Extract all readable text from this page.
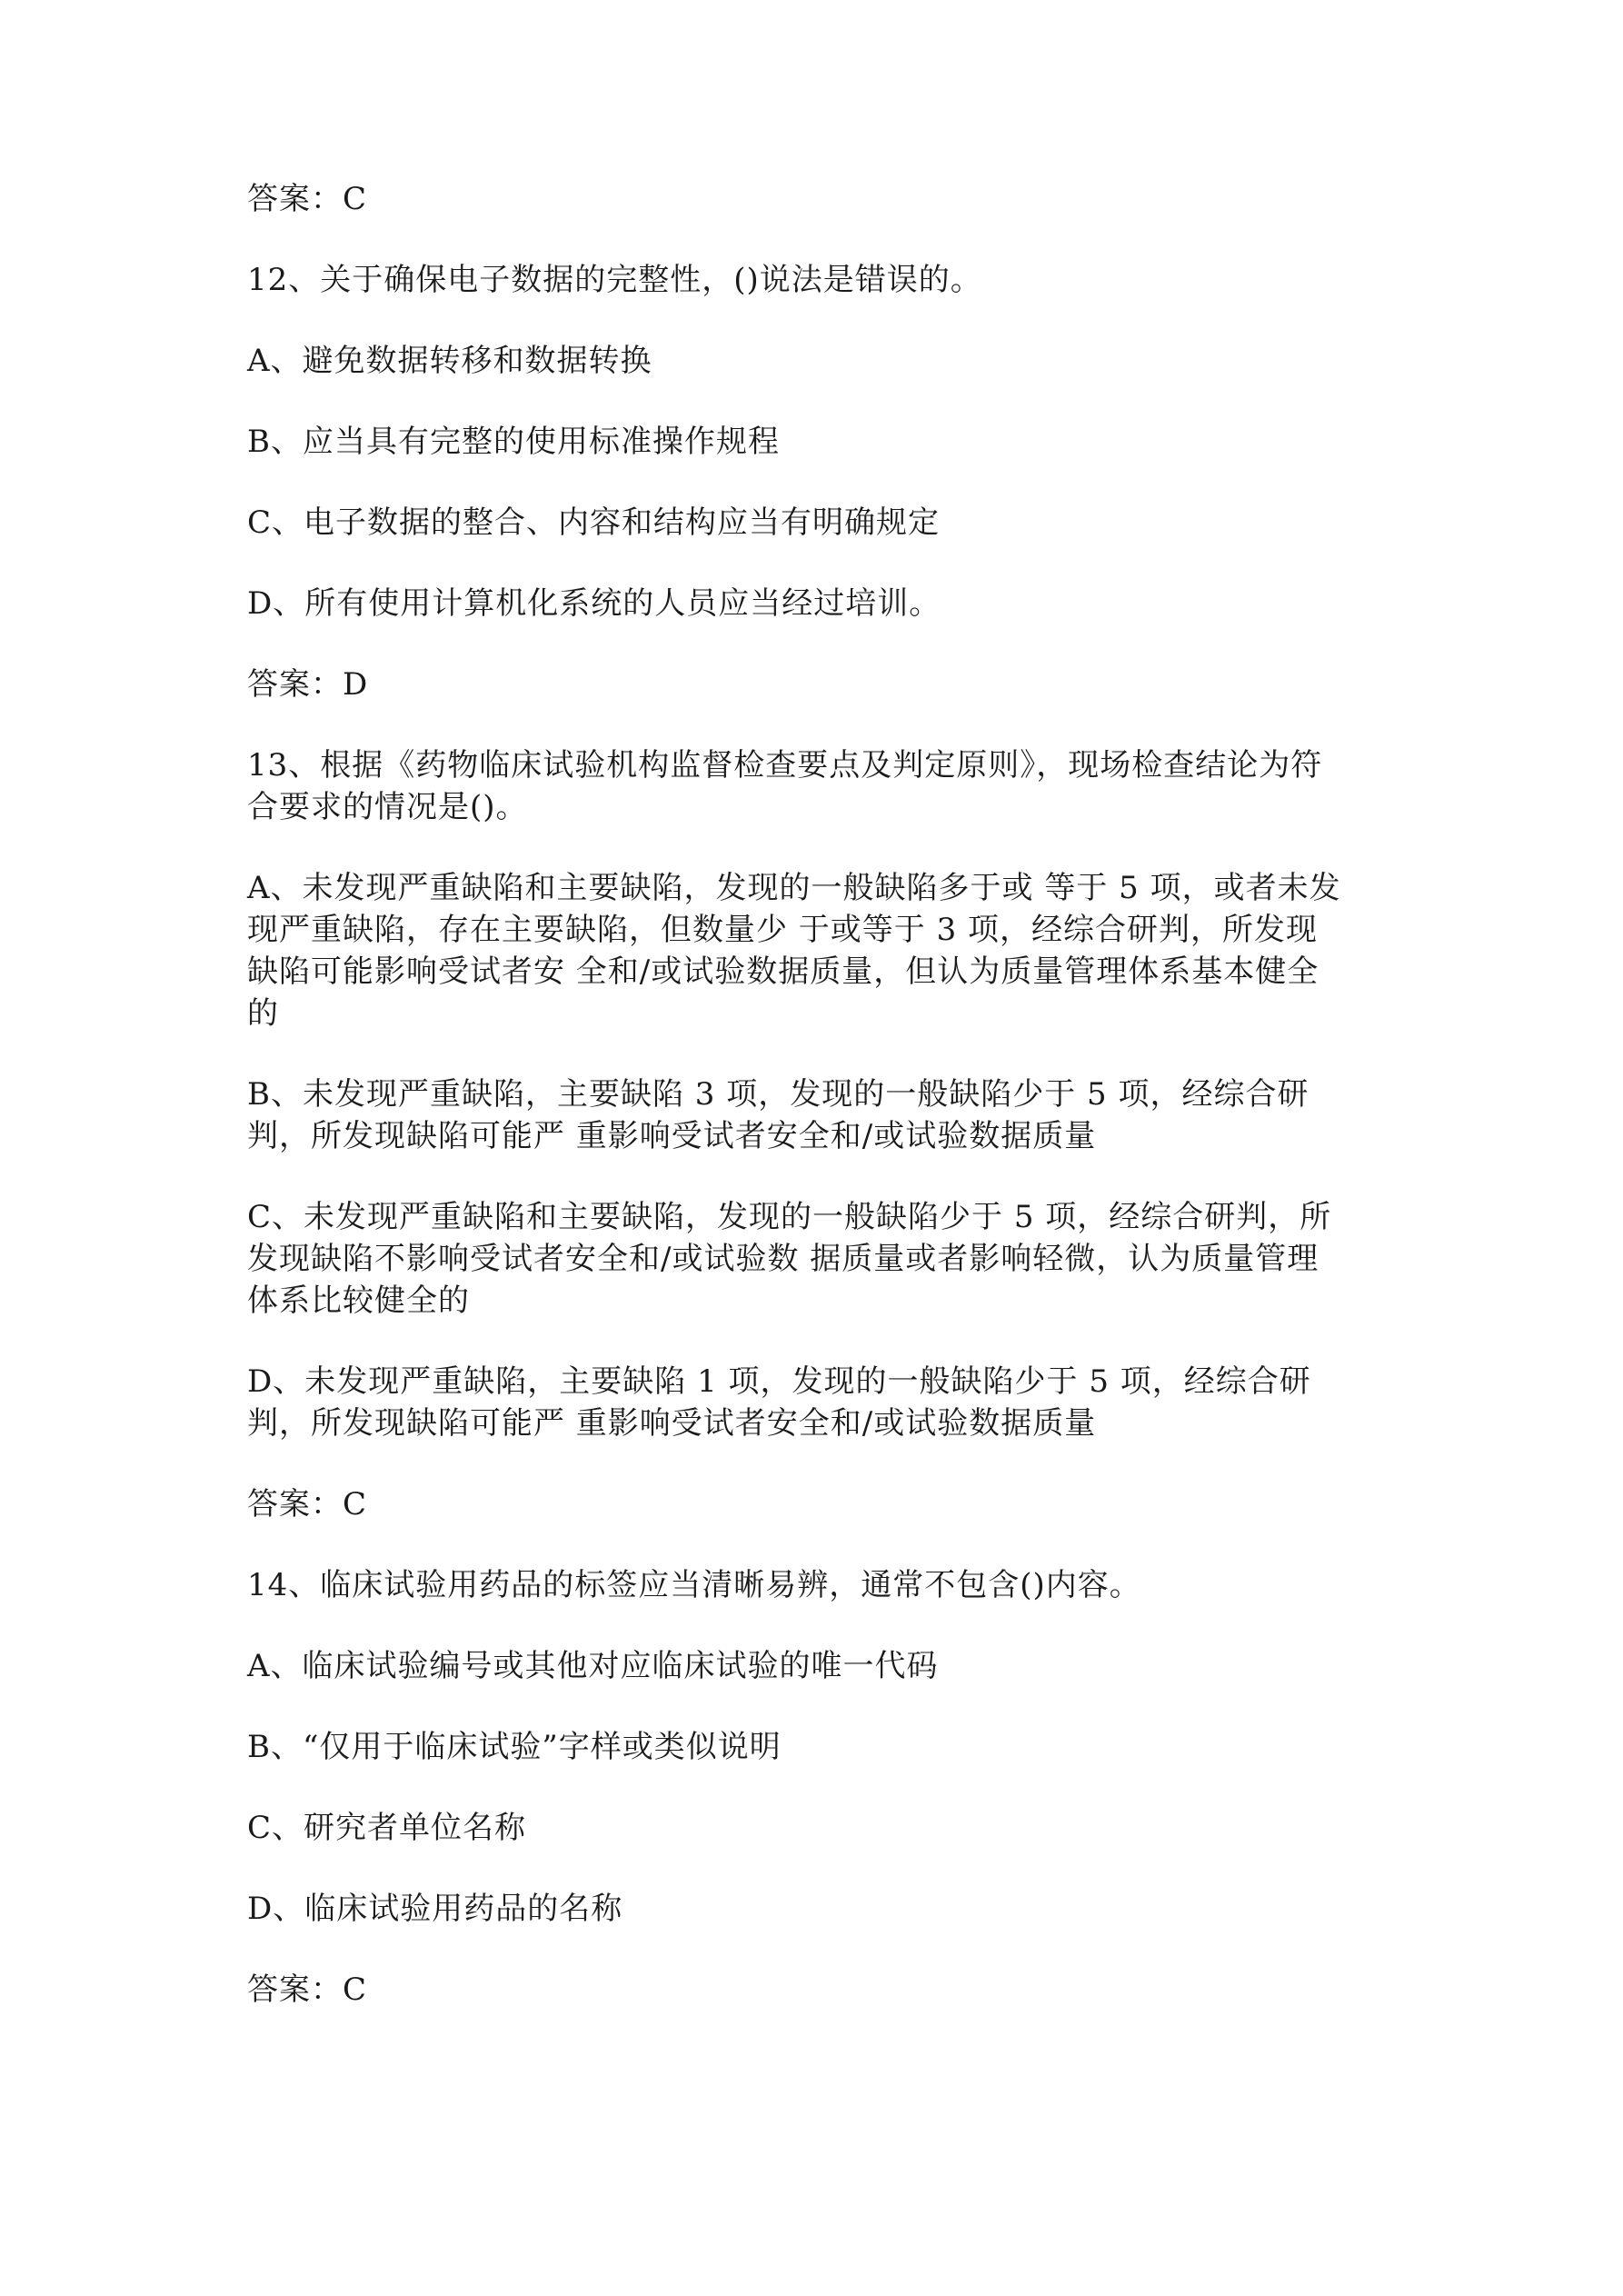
答案：C

12、关于确保电子数据的完整性，()说法是错误的。

A、避免数据转移和数据转换

B、应当具有完整的使用标准操作规程

C、电子数据的整合、内容和结构应当有明确规定

D、所有使用计算机化系统的人员应当经过培训。

答案：D

13、根据《药物临床试验机构监督检查要点及判定原则》，现场检查结论为符

合要求的情况是()。

A、未发现严重缺陷和主要缺陷，发现的一般缺陷多于或 等于 5 项，或者未发

现严重缺陷，存在主要缺陷，但数量少 于或等于 3 项，经综合研判，所发现

缺陷可能影响受试者安 全和/或试验数据质量，但认为质量管理体系基本健全

的

B、未发现严重缺陷，主要缺陷 3 项，发现的一般缺陷少于 5 项，经综合研

判，所发现缺陷可能严 重影响受试者安全和/或试验数据质量

C、未发现严重缺陷和主要缺陷，发现的一般缺陷少于 5 项，经综合研判，所

发现缺陷不影响受试者安全和/或试验数 据质量或者影响轻微，认为质量管理

体系比较健全的

D、未发现严重缺陷，主要缺陷 1 项，发现的一般缺陷少于 5 项，经综合研

判，所发现缺陷可能严 重影响受试者安全和/或试验数据质量

答案：C

14、临床试验用药品的标签应当清晰易辨，通常不包含()内容。

A、临床试验编号或其他对应临床试验的唯一代码

B、“仅用于临床试验”字样或类似说明

C、研究者单位名称

D、临床试验用药品的名称

答案：C
